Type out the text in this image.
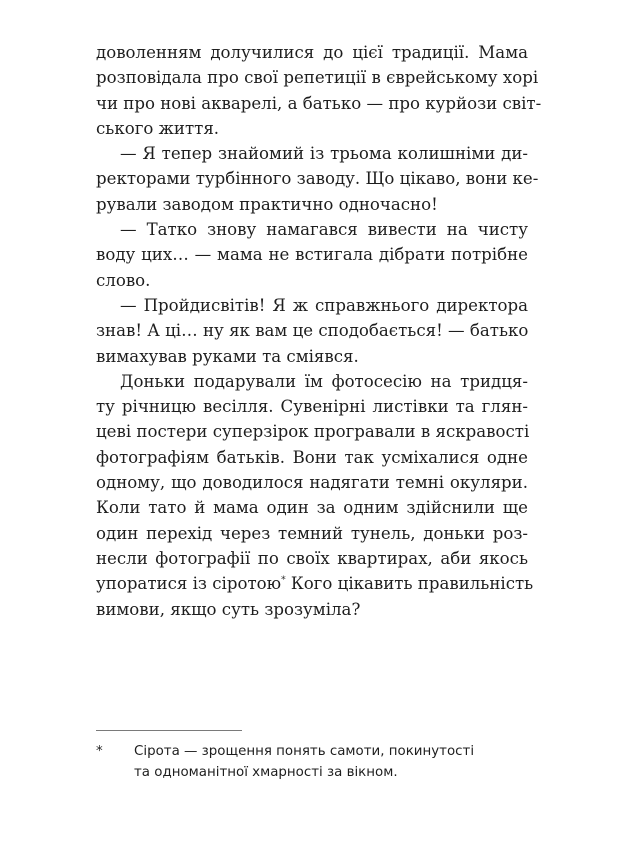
доволенням долучилися до цієї традиції. Мама
розповідала про свої репетиції в єврейському хорі
чи про нові акварелі, а батько — про курйози світ-
ського життя.
— Я тепер знайомий із трьома колишніми ди-
ректорами турбінного заводу. Що цікаво, вони ке-
рували заводом практично одночасно!
— Татко знову намагався вивести на чисту
воду цих… — мама не встигала дібрати потрібне
слово.
— Пройдисвітів! Я ж справжнього директора
знав! А ці… ну як вам це сподобається! — батько
вимахував руками та сміявся.
Доньки подарували їм фотосесію на тридця-
ту річницю весілля. Сувенірні листівки та глян-
цеві постери суперзірок програвали в яскравості
фотографіям батьків. Вони так усміхалися одне
одному, що доводилося надягати темні окуляри.
Коли тато й мама один за одним здійснили ще
один перехід через темний тунель, доньки роз-
несли фотографії по своїх квартирах, аби якось
упоратися із сіротою* Кого цікавить правильність
вимови, якщо суть зрозуміла?
* Сірота — зрощення понять самоти, покинутості
та одноманітної хмарності за вікном.
